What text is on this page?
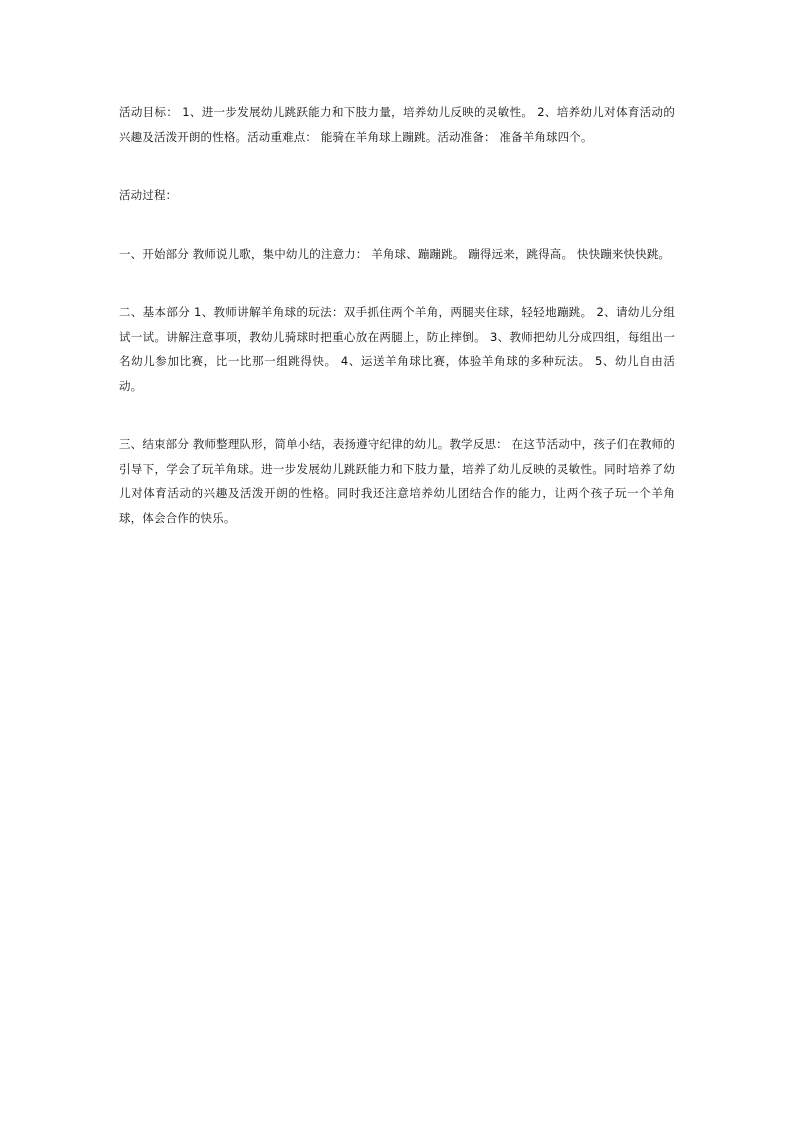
活动目标： 1、进一步发展幼儿跳跃能力和下肢力量，培养幼儿反映的灵敏性。 2、培养幼儿对体育活动的兴趣及活泼开朗的性格。活动重难点： 能骑在羊角球上蹦跳。活动准备： 准备羊角球四个。

活动过程：

一、开始部分 教师说儿歌，集中幼儿的注意力： 羊角球、蹦蹦跳。 蹦得远来，跳得高。 快快蹦来快快跳。

二、基本部分 1、教师讲解羊角球的玩法：双手抓住两个羊角，两腿夹住球，轻轻地蹦跳。 2、请幼儿分组试一试。讲解注意事项，教幼儿骑球时把重心放在两腿上，防止摔倒。 3、教师把幼儿分成四组，每组出一名幼儿参加比赛，比一比那一组跳得快。 4、运送羊角球比赛，体验羊角球的多种玩法。 5、幼儿自由活动。

三、结束部分 教师整理队形，简单小结，表扬遵守纪律的幼儿。教学反思： 在这节活动中，孩子们在教师的引导下，学会了玩羊角球。进一步发展幼儿跳跃能力和下肢力量，培养了幼儿反映的灵敏性。同时培养了幼儿对体育活动的兴趣及活泼开朗的性格。同时我还注意培养幼儿团结合作的能力，让两个孩子玩一个羊角球，体会合作的快乐。
